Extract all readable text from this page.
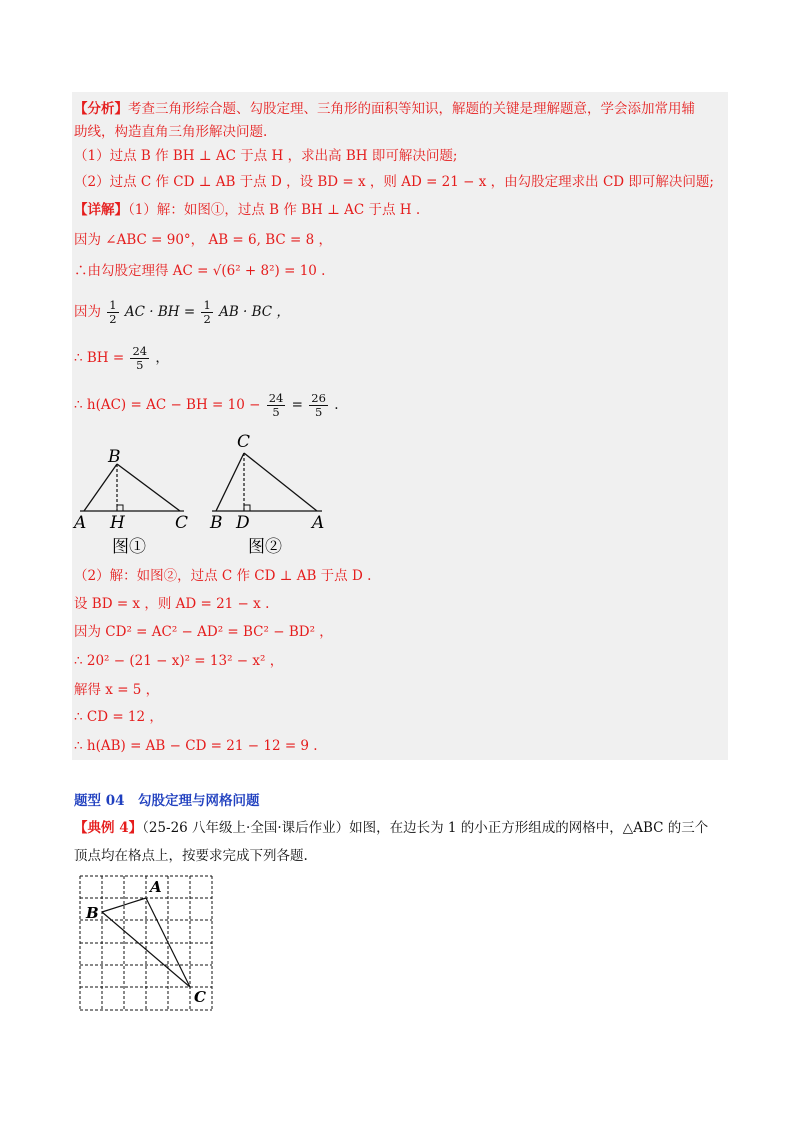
【分析】考查三角形综合题、勾股定理、三角形的面积等知识，解题的关键是理解题意，学会添加常用辅
助线，构造直角三角形解决问题.
（1）过点 B 作 BH ⊥ AC 于点 H ，求出高 BH 即可解决问题;
（2）过点 C 作 CD ⊥ AB 于点 D ，设 BD = x ，则 AD = 21 − x ，由勾股定理求出 CD 即可解决问题;
【详解】（1）解：如图①，过点 B 作 BH ⊥ AC 于点 H .
因为 ∠ABC = 90°， AB = 6, BC = 8 ，
∴由勾股定理得 AC = √(6² + 8²) = 10 .
因为 $\frac{1}{2}$ AC · BH = $\frac{1}{2}$ AB · BC ，
∴ BH = $\frac{24}{5}$ ，
∴ h(AC) = AC − BH = $10 - \frac{24}{5} = \frac{26}{5}$ .
B
A H	C
图①
C
B D	A
图②
（2）解：如图②，过点 C 作 CD ⊥ AB 于点 D .
设 BD = x ，则 AD = 21 − x .
因为 CD² = AC² − AD² = BC² − BD² ，
∴ 20² − (21 − x)² = 13² − x² ，
解得 x = 5 ，
∴ CD = 12 ，
∴ h(AB) = AB − CD = 21 − 12 = 9 .
题型 04　勾股定理与网格问题
【典例 4】（25-26 八年级上·全国·课后作业）如图，在边长为 1 的小正方形组成的网格中，△ABC 的三个
顶点均在格点上，按要求完成下列各题.
A
B
C
